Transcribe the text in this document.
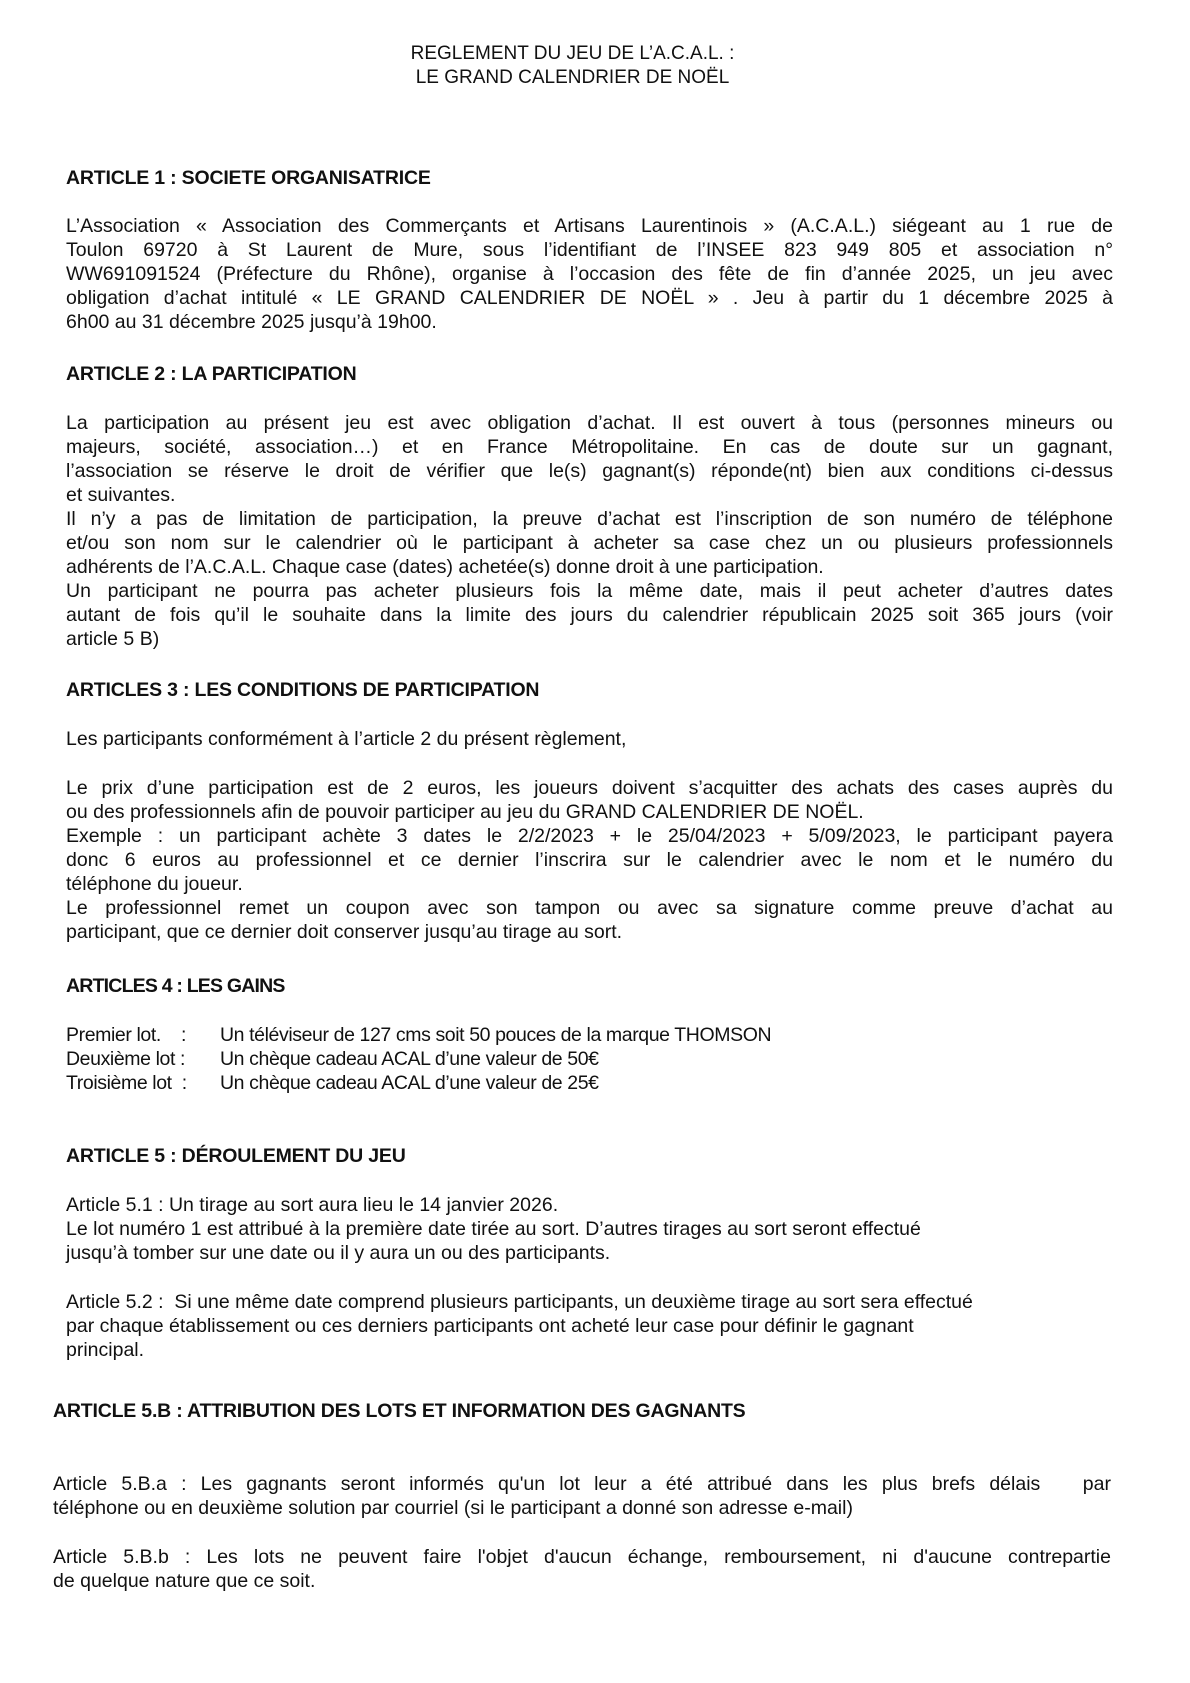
REGLEMENT DU JEU DE L’A.C.A.L. :
LE GRAND CALENDRIER DE NOËL
ARTICLE 1 : SOCIETE ORGANISATRICE
L’Association « Association des Commerçants et Artisans Laurentinois » (A.C.A.L.) siégeant au 1 rue de
Toulon 69720 à St Laurent de Mure, sous l’identifiant de l’INSEE 823 949 805 et association n°
WW691091524 (Préfecture du Rhône), organise à l’occasion des fête de fin d’année 2025, un jeu avec
obligation d’achat intitulé « LE GRAND CALENDRIER DE NOËL » . Jeu à partir du 1 décembre 2025 à
6h00 au 31 décembre 2025 jusqu’à 19h00.
ARTICLE 2 : LA PARTICIPATION
La participation au présent jeu est avec obligation d’achat. Il est ouvert à tous (personnes mineurs ou
majeurs, société, association…) et en France Métropolitaine. En cas de doute sur un gagnant,
l’association se réserve le droit de vérifier que le(s) gagnant(s) réponde(nt) bien aux conditions ci-dessus
et suivantes.
Il n’y a pas de limitation de participation, la preuve d’achat est l’inscription de son numéro de téléphone
et/ou son nom sur le calendrier où le participant à acheter sa case chez un ou plusieurs professionnels
adhérents de l’A.C.A.L. Chaque case (dates) achetée(s) donne droit à une participation.
Un participant ne pourra pas acheter plusieurs fois la même date, mais il peut acheter d’autres dates
autant de fois qu’il le souhaite dans la limite des jours du calendrier républicain 2025 soit 365 jours (voir
article 5 B)
ARTICLES 3 : LES CONDITIONS DE PARTICIPATION
Les participants conformément à l’article 2 du présent règlement,
Le prix d’une participation est de 2 euros, les joueurs doivent s’acquitter des achats des cases auprès du
ou des professionnels afin de pouvoir participer au jeu du GRAND CALENDRIER DE NOËL.
Exemple : un participant achète 3 dates le 2/2/2023 + le 25/04/2023 + 5/09/2023, le participant payera
donc 6 euros au professionnel et ce dernier l’inscrira sur le calendrier avec le nom et le numéro du
téléphone du joueur.
Le professionnel remet un coupon avec son tampon ou avec sa signature comme preuve d’achat au
participant, que ce dernier doit conserver jusqu’au tirage au sort.
ARTICLES 4 : LES GAINS
Premier lot.    :	Un téléviseur de 127 cms soit 50 pouces de la marque THOMSON
Deuxième lot :	Un chèque cadeau ACAL d’une valeur de 50€
Troisième lot  :	Un chèque cadeau ACAL d’une valeur de 25€
ARTICLE 5 : DÉROULEMENT DU JEU
Article 5.1 : Un tirage au sort aura lieu le 14 janvier 2026.
Le lot numéro 1 est attribué à la première date tirée au sort. D’autres tirages au sort seront effectué
jusqu’à tomber sur une date ou il y aura un ou des participants.
Article 5.2 :  Si une même date comprend plusieurs participants, un deuxième tirage au sort sera effectué
par chaque établissement ou ces derniers participants ont acheté leur case pour définir le gagnant
principal.
ARTICLE 5.B : ATTRIBUTION DES LOTS ET INFORMATION DES GAGNANTS
Article 5.B.a : Les gagnants seront informés qu'un lot leur a été attribué dans les plus brefs délais   par
téléphone ou en deuxième solution par courriel (si le participant a donné son adresse e-mail)
Article 5.B.b : Les lots ne peuvent faire l'objet d'aucun échange, remboursement, ni d'aucune contrepartie
de quelque nature que ce soit.
